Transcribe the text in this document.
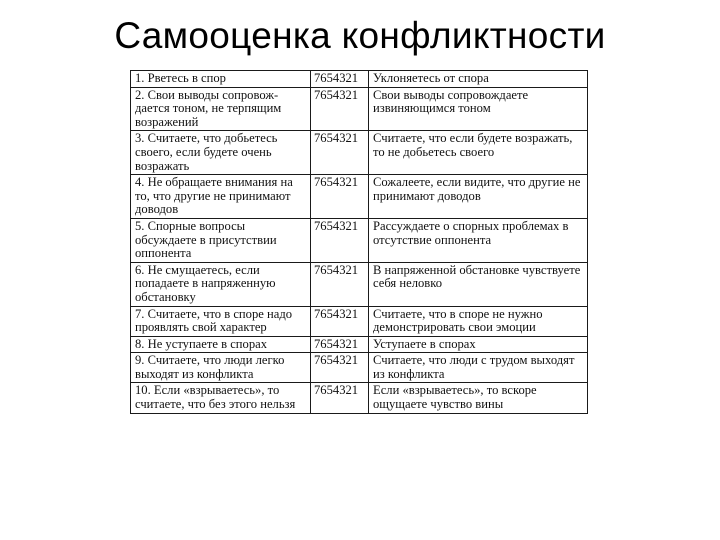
Самооценка конфликтности
1. Рветесь в спор	7654321	Уклоняетесь от спора
2. Свои выводы сопровож-дается тоном, не терпящим возражений	7654321	Свои выводы сопровождаете извиняющимся тоном
3. Считаете, что добьетесь своего, если будете очень возражать	7654321	Считаете, что если будете возражать, то не добьетесь своего
4. Не обращаете внимания на то, что другие не принимают доводов	7654321	Сожалеете, если видите, что другие не принимают доводов
5. Спорные вопросы обсуждаете в присутствии оппонента	7654321	Рассуждаете о спорных проблемах в отсутствие оппонента
6. Не смущаетесь, если попадаете в напряженную обстановку	7654321	В напряженной обстановке чувствуете себя неловко
7. Считаете, что в споре надо проявлять свой характер	7654321	Считаете, что в споре не нужно демонстрировать свои эмоции
8. Не уступаете в спорах	7654321	Уступаете в спорах
9. Считаете, что люди легко выходят из конфликта	7654321	Считаете, что люди с трудом выходят из конфликта
10. Если «взрываетесь», то считаете, что без этого нельзя	7654321	Если «взрываетесь», то вскоре ощущаете чувство вины
